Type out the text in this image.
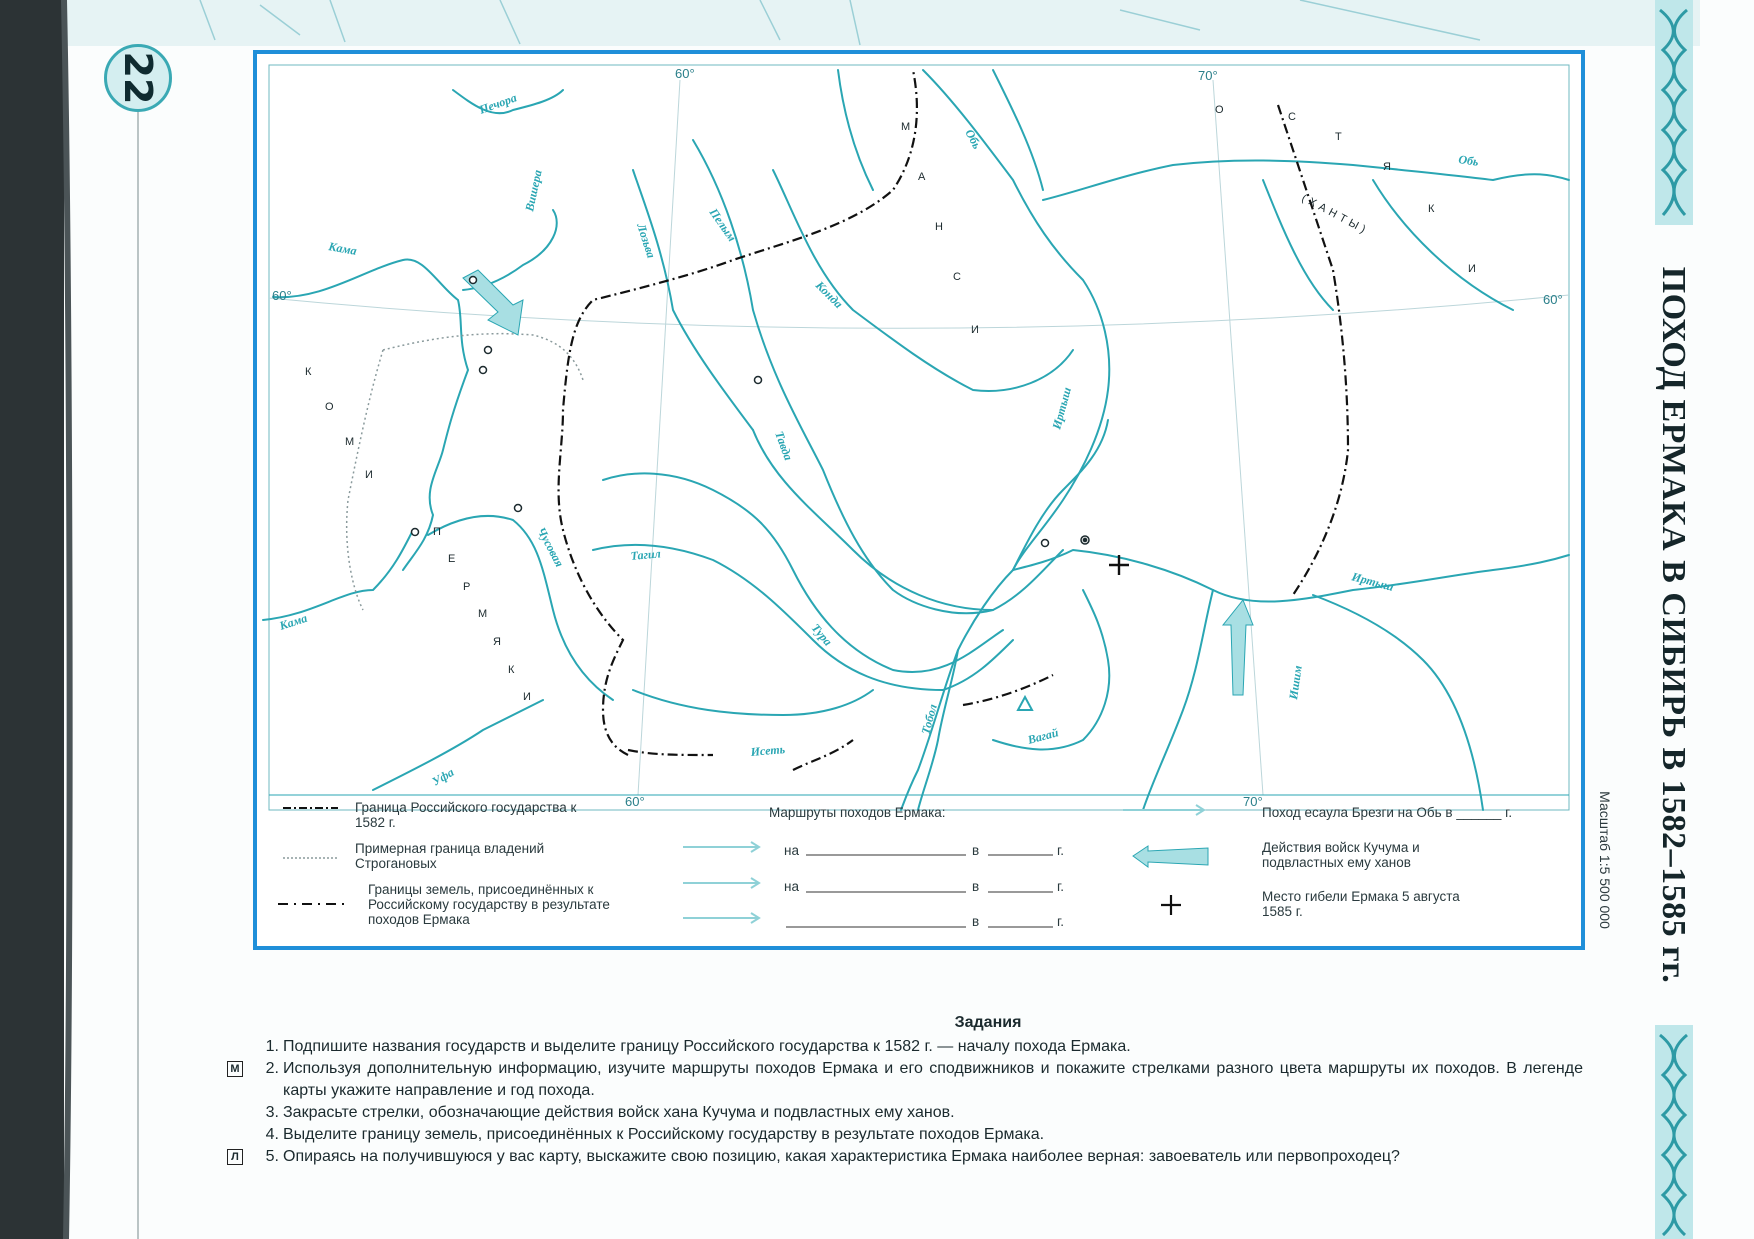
22	60°	70°
60°	70°
60°	60°
Печора
Вишера
Кама
Кама
Обь
Обь
Лозьва	Пелым
Конда
Тавда
Тагил
Чусовая
Тура
Исеть
Тобол
Вагай
Иртыш
Иртыш
Ишим
Уфа
М
А
Н
С
И
К
О
М
И
П
Е
Р
М
Я
К
И
О
С
Т
Я
К
И
(ХАНТЫ)
Граница Российского государства к 1582 г.
Примерная граница владений Строгановых
Границы земель, присоединённых к Российскому государству в результате походов Ермака
Маршруты походов Ермака:
на	в	г.
на	в	г.
в	г.
Поход есаула Брезги на Обь в ______ г.
Действия войск Кучума и подвластных ему ханов
Место гибели Ермака 5 августа 1585 г.	ПОХОД ЕРМАКА В СИБИРЬ В 1582–1585 гг.
Масштаб 1:5 500 000
Задания
1. Подпишите названия государств и выделите границу Российского государства к 1582 г. — началу похода Ермака.
М	2. Используя дополнительную информацию, изучите маршруты походов Ермака и его сподвижников и покажите стрелками разного цвета маршруты их походов. В легенде карты укажите направление и год похода.
3. Закрасьте стрелки, обозначающие действия войск хана Кучума и подвластных ему ханов.
4. Выделите границу земель, присоединённых к Российскому государству в результате походов Ермака.
Л	5. Опираясь на получившуюся у вас карту, выскажите свою позицию, какая характеристика Ермака наиболее верная: завоеватель или первопроходец?
